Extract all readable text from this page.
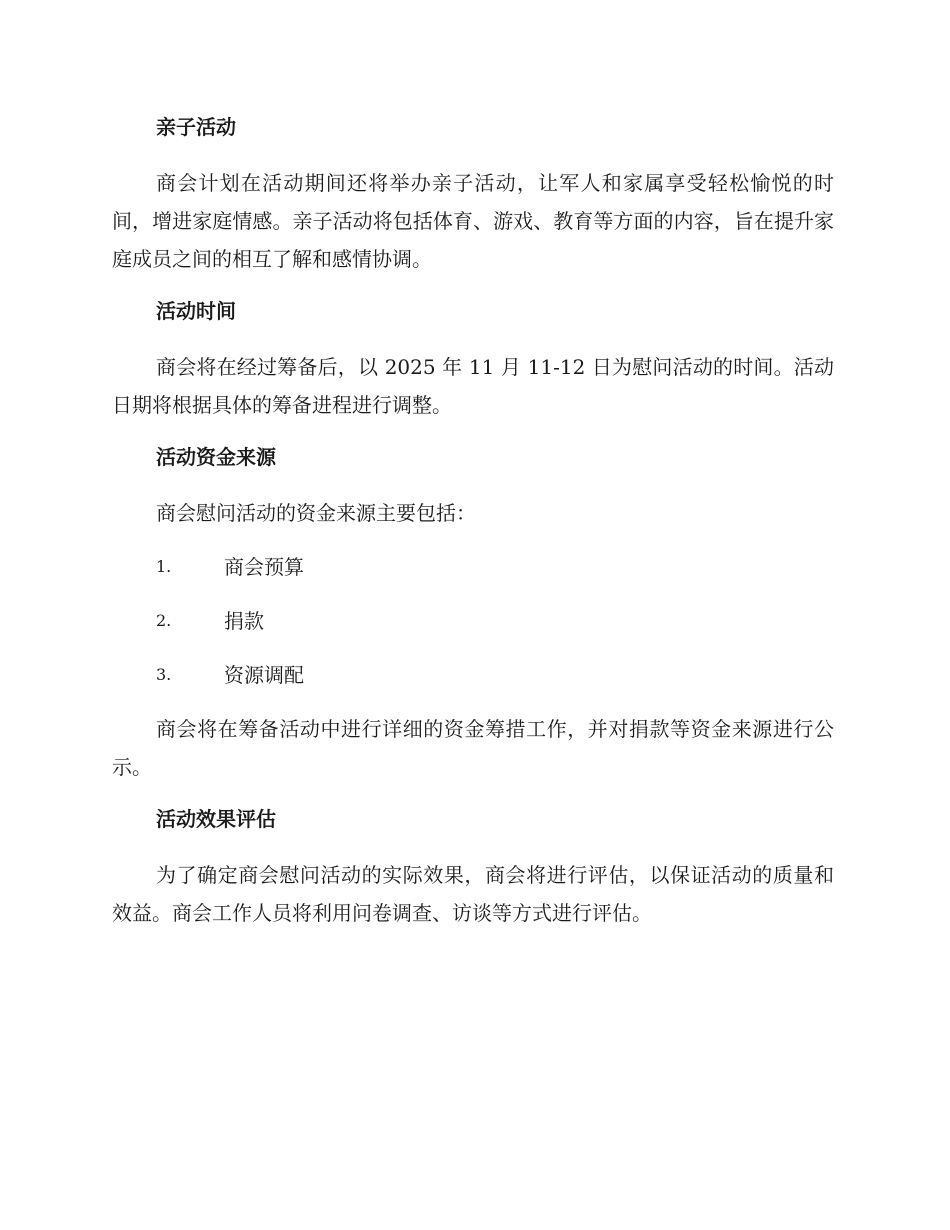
亲子活动

商会计划在活动期间还将举办亲子活动，让军人和家属享受轻松愉悦的时间，增进家庭情感。亲子活动将包括体育、游戏、教育等方面的内容，旨在提升家庭成员之间的相互了解和感情协调。

活动时间

商会将在经过筹备后，以 2025 年 11 月 11-12 日为慰问活动的时间。活动日期将根据具体的筹备进程进行调整。

活动资金来源

商会慰问活动的资金来源主要包括：

1.	商会预算
2.	捐款
3.	资源调配

商会将在筹备活动中进行详细的资金筹措工作，并对捐款等资金来源进行公示。

活动效果评估

为了确定商会慰问活动的实际效果，商会将进行评估，以保证活动的质量和效益。商会工作人员将利用问卷调查、访谈等方式进行评估。
